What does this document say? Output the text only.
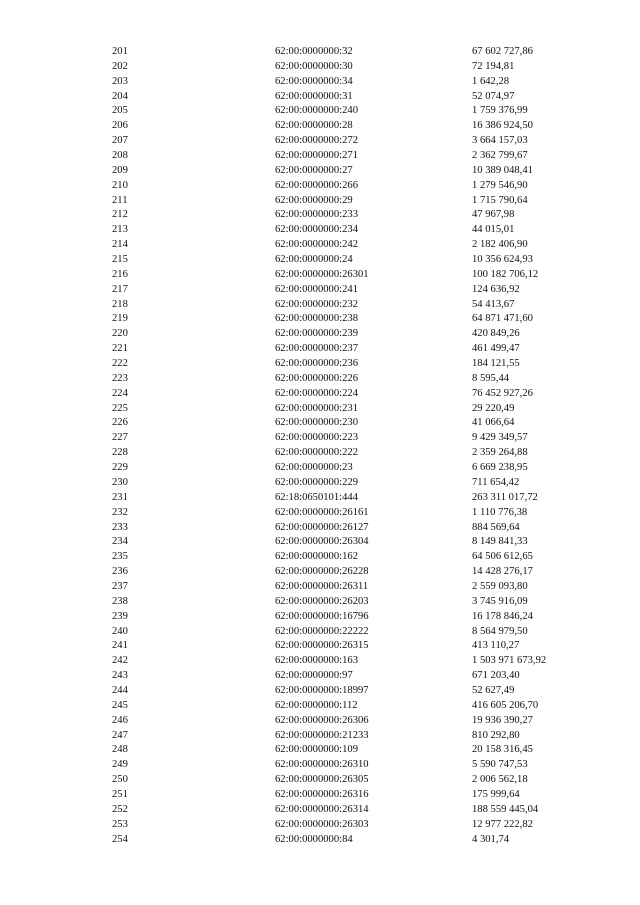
201	62:00:0000000:32	67 602 727,86
202	62:00:0000000:30	72 194,81
203	62:00:0000000:34	1 642,28
204	62:00:0000000:31	52 074,97
205	62:00:0000000:240	1 759 376,99
206	62:00:0000000:28	16 386 924,50
207	62:00:0000000:272	3 664 157,03
208	62:00:0000000:271	2 362 799,67
209	62:00:0000000:27	10 389 048,41
210	62:00:0000000:266	1 279 546,90
211	62:00:0000000:29	1 715 790,64
212	62:00:0000000:233	47 967,98
213	62:00:0000000:234	44 015,01
214	62:00:0000000:242	2 182 406,90
215	62:00:0000000:24	10 356 624,93
216	62:00:0000000:26301	100 182 706,12
217	62:00:0000000:241	124 636,92
218	62:00:0000000:232	54 413,67
219	62:00:0000000:238	64 871 471,60
220	62:00:0000000:239	420 849,26
221	62:00:0000000:237	461 499,47
222	62:00:0000000:236	184 121,55
223	62:00:0000000:226	8 595,44
224	62:00:0000000:224	76 452 927,26
225	62:00:0000000:231	29 220,49
226	62:00:0000000:230	41 066,64
227	62:00:0000000:223	9 429 349,57
228	62:00:0000000:222	2 359 264,88
229	62:00:0000000:23	6 669 238,95
230	62:00:0000000:229	711 654,42
231	62:18:0650101:444	263 311 017,72
232	62:00:0000000:26161	1 110 776,38
233	62:00:0000000:26127	884 569,64
234	62:00:0000000:26304	8 149 841,33
235	62:00:0000000:162	64 506 612,65
236	62:00:0000000:26228	14 428 276,17
237	62:00:0000000:26311	2 559 093,80
238	62:00:0000000:26203	3 745 916,09
239	62:00:0000000:16796	16 178 846,24
240	62:00:0000000:22222	8 564 979,50
241	62:00:0000000:26315	413 110,27
242	62:00:0000000:163	1 503 971 673,92
243	62:00:0000000:97	671 203,40
244	62:00:0000000:18997	52 627,49
245	62:00:0000000:112	416 605 206,70
246	62:00:0000000:26306	19 936 390,27
247	62:00:0000000:21233	810 292,80
248	62:00:0000000:109	20 158 316,45
249	62:00:0000000:26310	5 590 747,53
250	62:00:0000000:26305	2 006 562,18
251	62:00:0000000:26316	175 999,64
252	62:00:0000000:26314	188 559 445,04
253	62:00:0000000:26303	12 977 222,82
254	62:00:0000000:84	4 301,74
